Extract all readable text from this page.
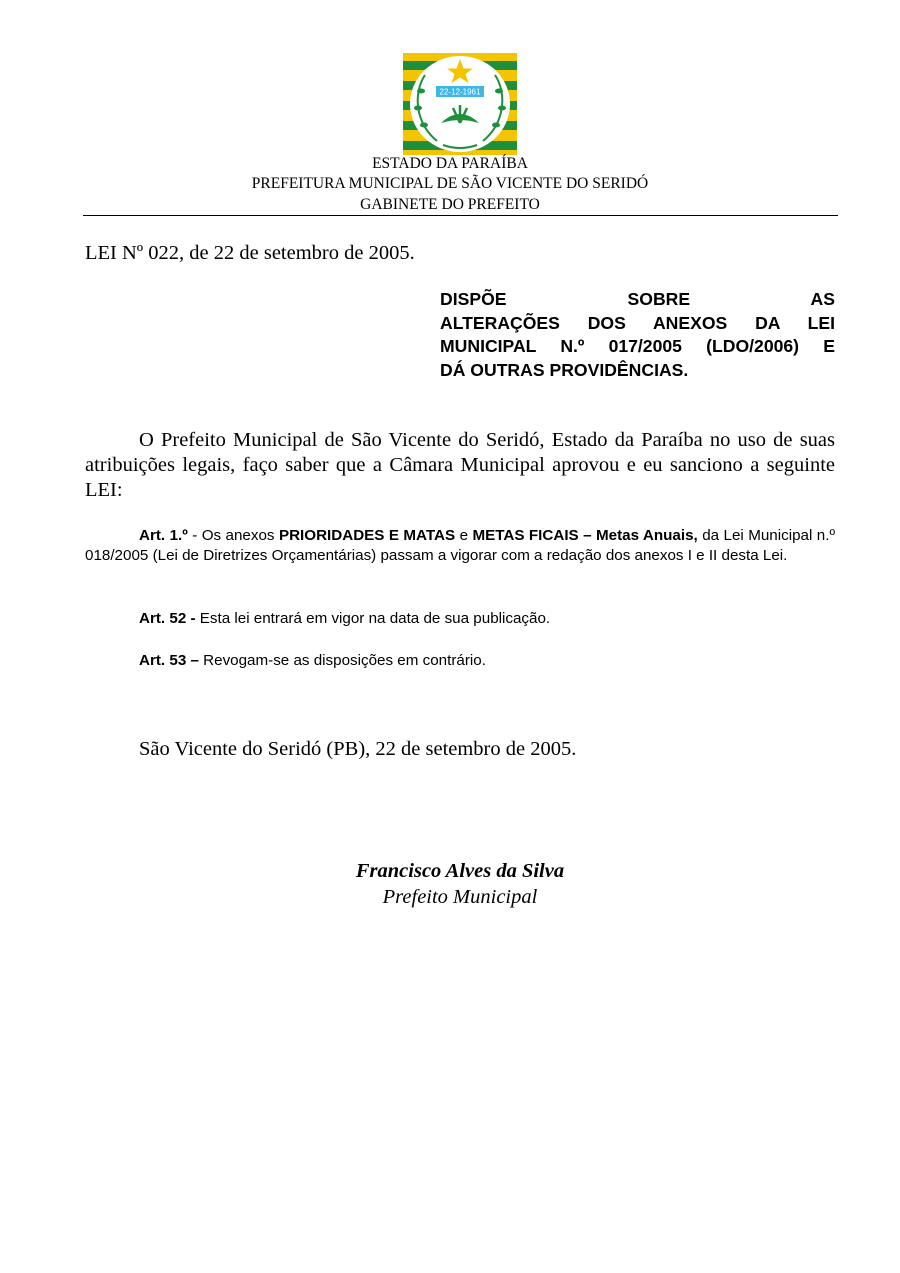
22-12-1961
ESTADO DA PARAÍBA
PREFEITURA MUNICIPAL DE SÃO VICENTE DO SERIDÓ
GABINETE DO PREFEITO
LEI Nº 022, de 22 de setembro de 2005.
DISPÕE SOBRE AS
ALTERAÇÕES DOS ANEXOS DA LEI
MUNICIPAL N.º 017/2005 (LDO/2006) E
DÁ OUTRAS PROVIDÊNCIAS.
O Prefeito Municipal de São Vicente do Seridó, Estado da Paraíba no uso de suas atribuições legais, faço saber que a Câmara Municipal aprovou e eu sanciono a seguinte LEI:
Art. 1.º - Os anexos PRIORIDADES E MATAS e METAS FICAIS – Metas Anuais, da Lei Municipal n.º 018/2005 (Lei de Diretrizes Orçamentárias) passam a vigorar com a redação dos anexos I e II desta Lei.
Art. 52 - Esta lei entrará em vigor na data de sua publicação.
Art. 53 – Revogam-se as disposições em contrário.
São Vicente do Seridó (PB), 22 de setembro de 2005.
Francisco Alves da Silva
Prefeito Municipal
